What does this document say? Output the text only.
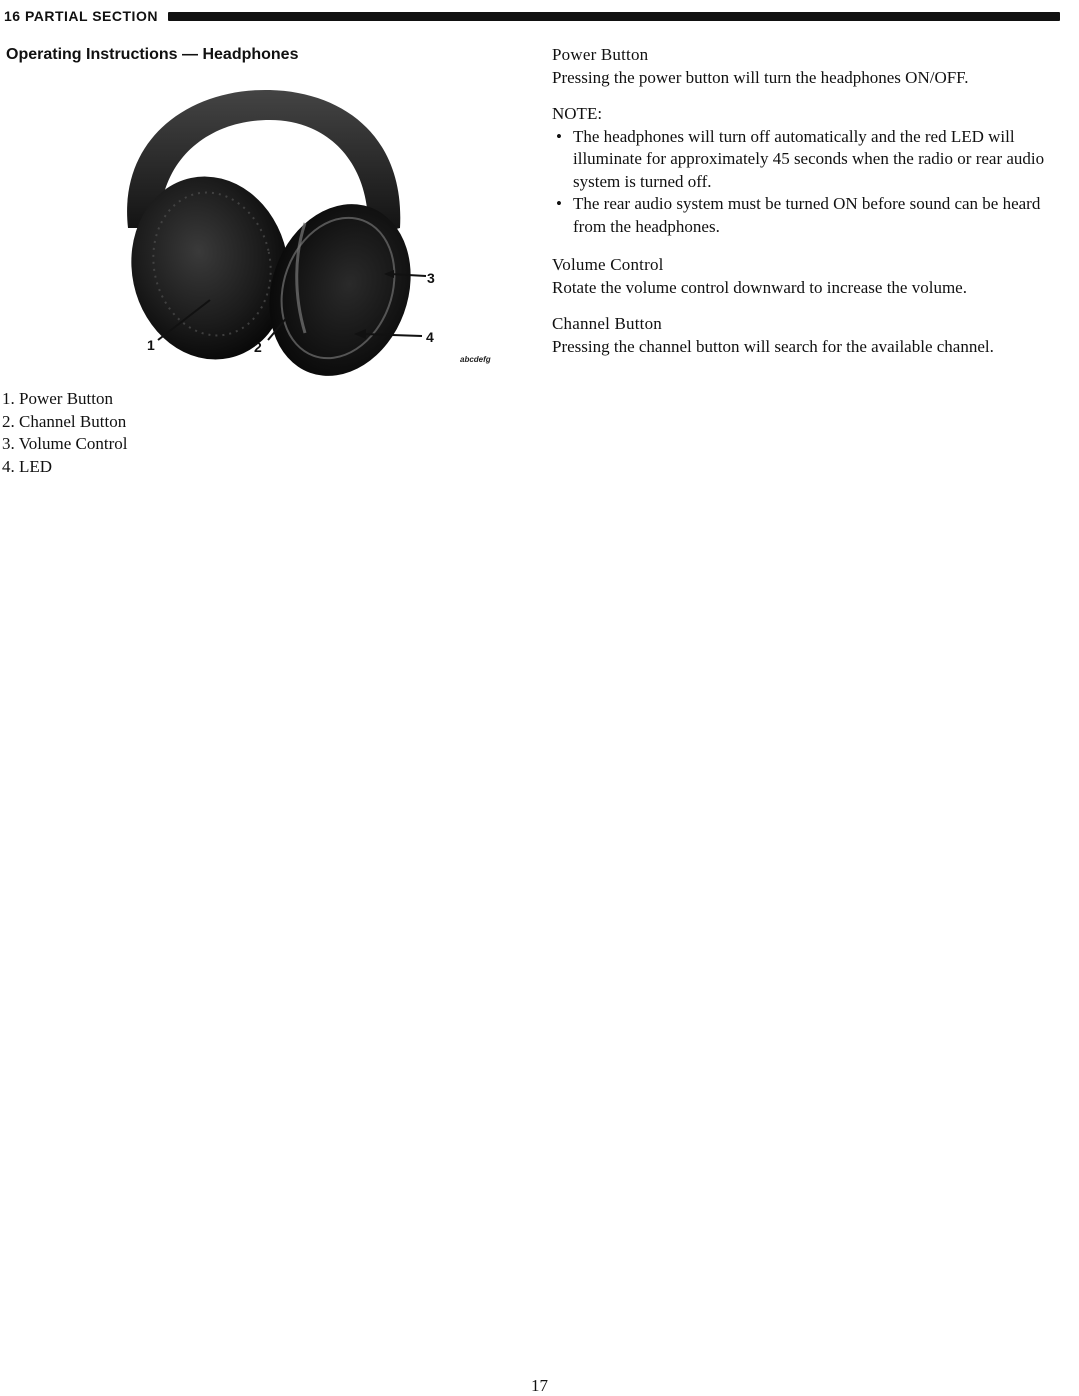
16 PARTIAL SECTION
Operating Instructions — Headphones
1	2
3
4
abcdefg
1. Power Button
2. Channel Button
3. Volume Control
4. LED
Power Button

Pressing the power button will turn the headphones ON/OFF.

NOTE:
• The headphones will turn off automatically and the red LED will illuminate for approximately 45 seconds when the radio or rear audio system is turned off.
• The rear audio system must be turned ON before sound can be heard from the headphones.
Volume Control

Rotate the volume control downward to increase the volume.

Channel Button

Pressing the channel button will search for the available channel.

17
